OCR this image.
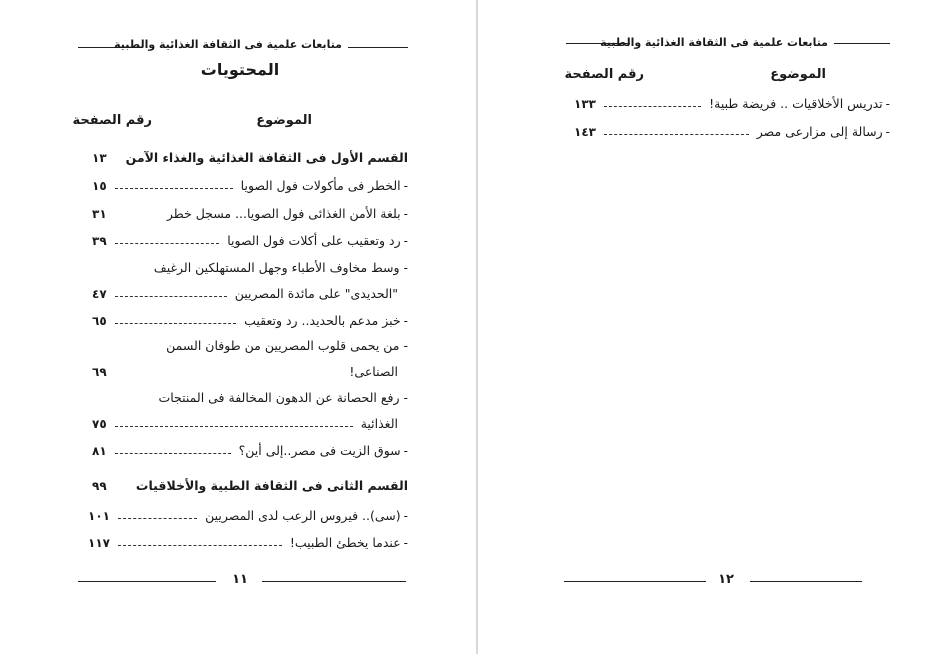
متابعات علمية فى الثقافة الغذائية والطبية
المحتويات
الموضوع
رقم الصفحة
القسم الأول فى الثقافة الغذائية والغذاء الآمن
١٣
-
الخطر فى مأكولات فول الصويا
١٥
-
بلغة الأمن الغذائى فول الصويا... مسجل خطر
٣١
-
رد وتعقيب على أكلات فول الصويا
٣٩
- وسط مخاوف الأطباء وجهل المستهلكين الرغيف
"الحديدى" على مائدة المصريين
٤٧
-
خبز مدعم بالحديد.. رد وتعقيب
٦٥
- من يحمى قلوب المصريين من طوفان السمن
الصناعى!
٦٩
- رفع الحصانة عن الدهون المخالفة فى المنتجات
الغذائية
٧٥
-
سوق الزيت فى مصر..إلى أين؟
٨١
القسم الثانى فى الثقافة الطبية والأخلاقيات
٩٩
-
(سى).. فيروس الرعب لدى المصريين
١٠١
-
عندما يخطئ الطبيب!
١١٧
١١
متابعات علمية فى الثقافة الغذائية والطبية
الموضوع
رقم الصفحة
-
تدريس الأخلاقيات .. فريضة طبية!
١٣٣
-
رسالة إلى مزارعى مصر
١٤٣
١٢
